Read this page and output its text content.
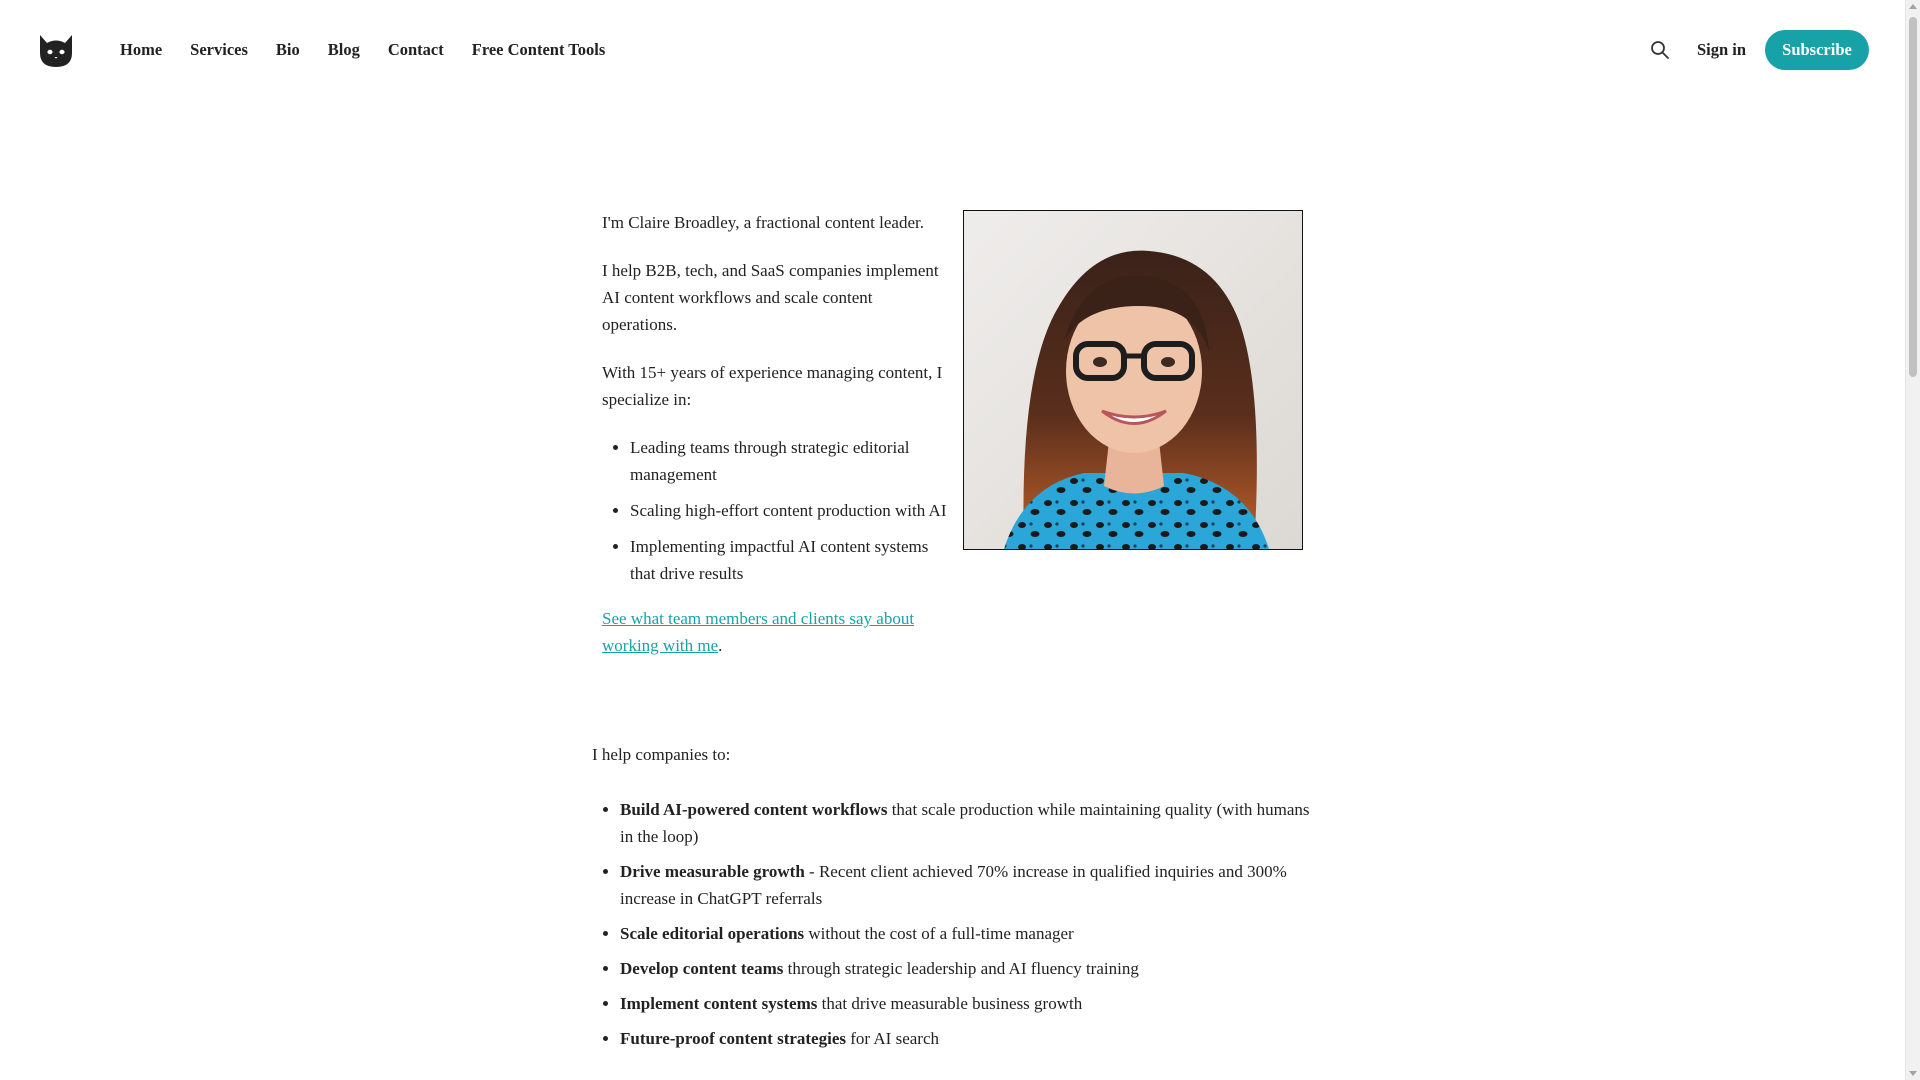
Home Services Bio Blog Contact Free Content Tools	Sign in	Subscribe

I'm Claire Broadley, a fractional content leader.

I help B2B, tech, and SaaS companies implement AI content workflows and scale content operations.

With 15+ years of experience managing content, I specialize in:

• Leading teams through strategic editorial management
• Scaling high-effort content production with AI
• Implementing impactful AI content systems that drive results

See what team members and clients say about working with me.

I help companies to:

• Build AI-powered content workflows that scale production while maintaining quality (with humans in the loop)
• Drive measurable growth - Recent client achieved 70% increase in qualified inquiries and 300% increase in ChatGPT referrals
• Scale editorial operations without the cost of a full-time manager
• Develop content teams through strategic leadership and AI fluency training
• Implement content systems that drive measurable business growth
• Future-proof content strategies for AI search
